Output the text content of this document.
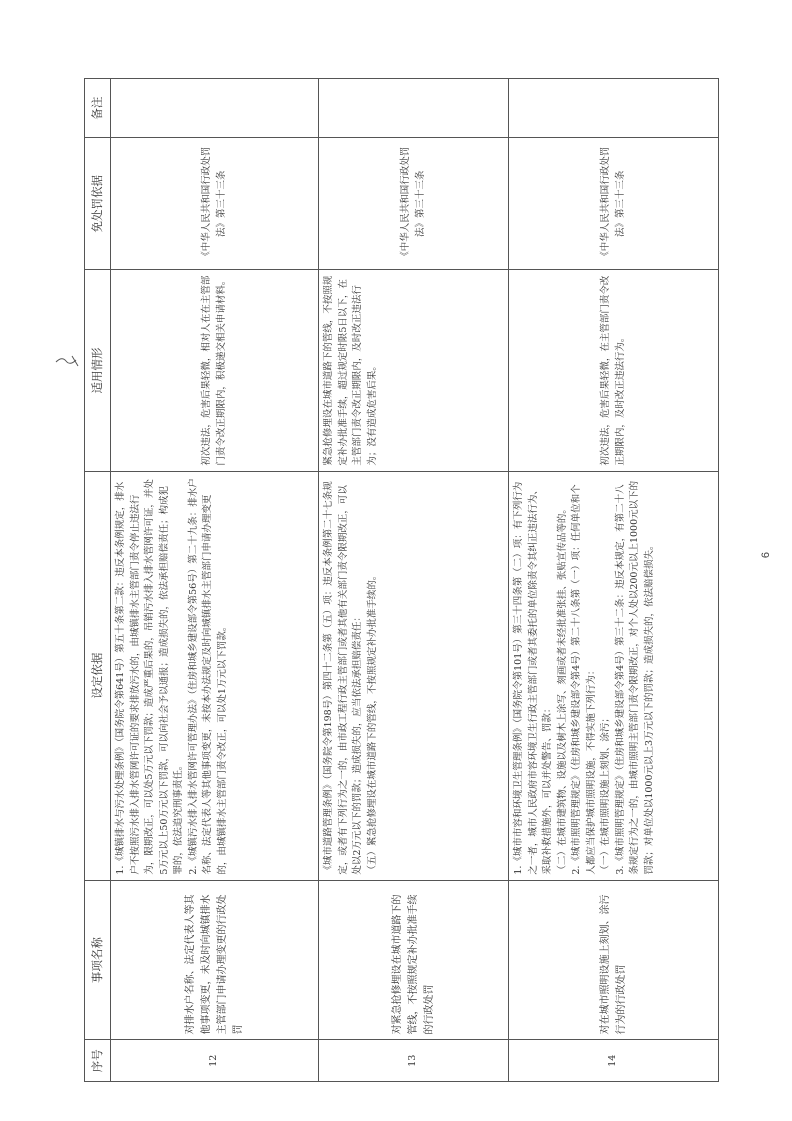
序号	事项名称	设定依据	适用情形	免处罚依据	备注
12	对排水户名称、法定代表人等其他事项变更，未及时向城镇排水主管部门申请办理变更的行政处罚	1.《城镇排水与污水处理条例》（国务院令第641号）第五十条第二款：违反本条例规定，排水户不按照污水排入排水管网许可证的要求排放污水的，由城镇排水主管部门责令停止违法行为，限期改正，可以处5万元以下罚款；造成严重后果的，吊销污水排入排水管网许可证，并处5万元以上50万元以下罚款，可以向社会予以通报；造成损失的，依法承担赔偿责任；构成犯罪的，依法追究刑事责任。 2.《城镇污水排入排水管网许可管理办法》（住房和城乡建设部令第56号）第二十九条：排水户名称、法定代表人等其他事项变更，未按本办法规定及时向城镇排水主管部门申请办理变更的，由城镇排水主管部门责令改正，可以处1万元以下罚款。	初次违法，危害后果轻微，相对人在在主管部门责令改正期限内，积极递交相关申请材料。	《中华人民共和国行政处罚法》第三十三条	
13	对紧急抢修埋设在城市道路下的管线，不按照规定补办批准手续的行政处罚	《城市道路管理条例》（国务院令第198号）第四十二条第（五）项：违反本条例第二十七条规定，或者有下列行为之一的，由市政工程行政主管部门或者其他有关部门责令限期改正，可以处以2万元以下的罚款；造成损失的，应当依法承担赔偿责任： （五）紧急抢修埋设在城市道路下的管线，不按照规定补办批准手续的。	紧急抢修埋设在城市道路下的管线，不按照规定补办批准手续，超过规定时限5日以下，在主管部门责令改正期限内，及时改正违法行为；没有造成危害后果。	《中华人民共和国行政处罚法》第三十三条	
14	对在城市照明设施上刻划、涂污行为的行政处罚	1.《城市市容和环境卫生管理条例》（国务院令第101号）第三十四条第（二）项：有下列行为之一者，城市人民政府市容环境卫生行政主管部门或者其委托的单位除责令其纠正违法行为、采取补救措施外，可以并处警告、罚款： （二）在城市建筑物、设施以及树木上涂写、刻画或者未经批准张挂、张贴宣传品等的。 2.《城市照明管理规定》（住房和城乡建设部令第4号）第二十八条第（一）项：任何单位和个人都应当保护城市照明设施，不得实施下列行为： （一）在城市照明设施上刻划、涂污； 3.《城市照明管理规定》（住房和城乡建设部令第4号）第三十二条：违反本规定，有第二十八条规定行为之一的，由城市照明主管部门责令限期改正，对个人处以200元以上1000元以下的罚款；对单位处以1000元以上3万元以下的罚款；造成损失的，依法赔偿损失。	初次违法，危害后果轻微，在主管部门责令改正期限内，及时改正违法行为。	《中华人民共和国行政处罚法》第三十三条	
6
